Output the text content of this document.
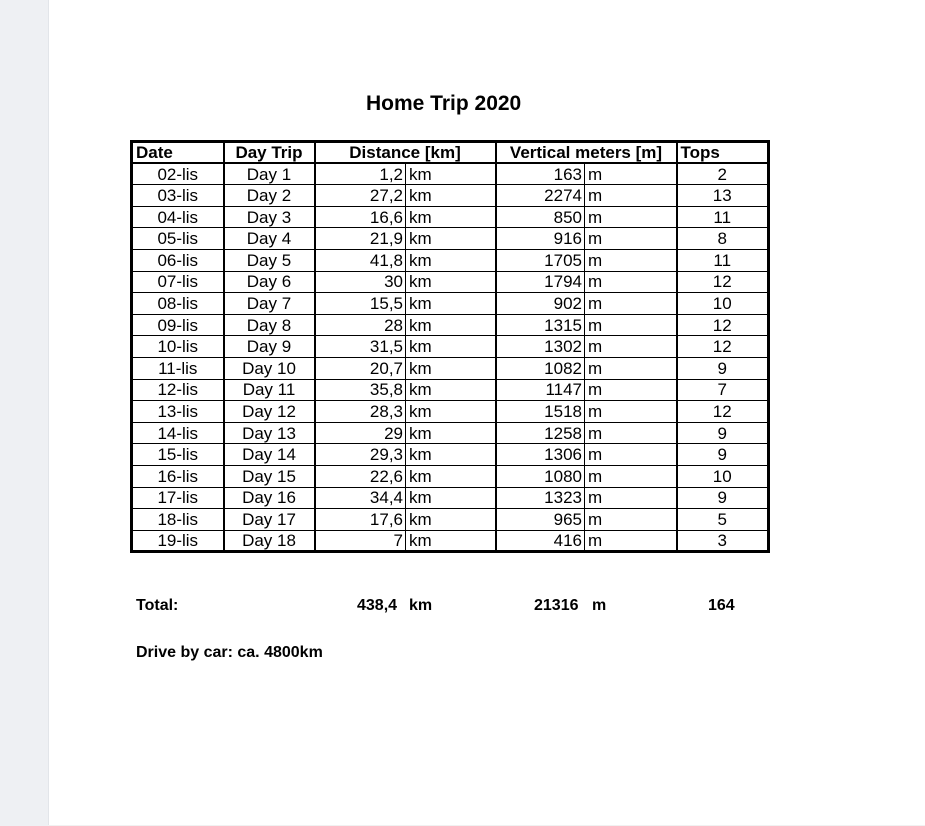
Home Trip 2020
Date	Day Trip	Distance [km]		Vertical meters [m]		Tops
02-lis	Day 1	1,2	km	163	m	2
03-lis	Day 2	27,2	km	2274	m	13
04-lis	Day 3	16,6	km	850	m	11
05-lis	Day 4	21,9	km	916	m	8
06-lis	Day 5	41,8	km	1705	m	11
07-lis	Day 6	30	km	1794	m	12
08-lis	Day 7	15,5	km	902	m	10
09-lis	Day 8	28	km	1315	m	12
10-lis	Day 9	31,5	km	1302	m	12
11-lis	Day 10	20,7	km	1082	m	9
12-lis	Day 11	35,8	km	1147	m	7
13-lis	Day 12	28,3	km	1518	m	12
14-lis	Day 13	29	km	1258	m	9
15-lis	Day 14	29,3	km	1306	m	9
16-lis	Day 15	22,6	km	1080	m	10
17-lis	Day 16	34,4	km	1323	m	9
18-lis	Day 17	17,6	km	965	m	5
19-lis	Day 18	7	km	416	m	3
Total:	438,4 km	21316 m	164
Drive by car: ca. 4800km
